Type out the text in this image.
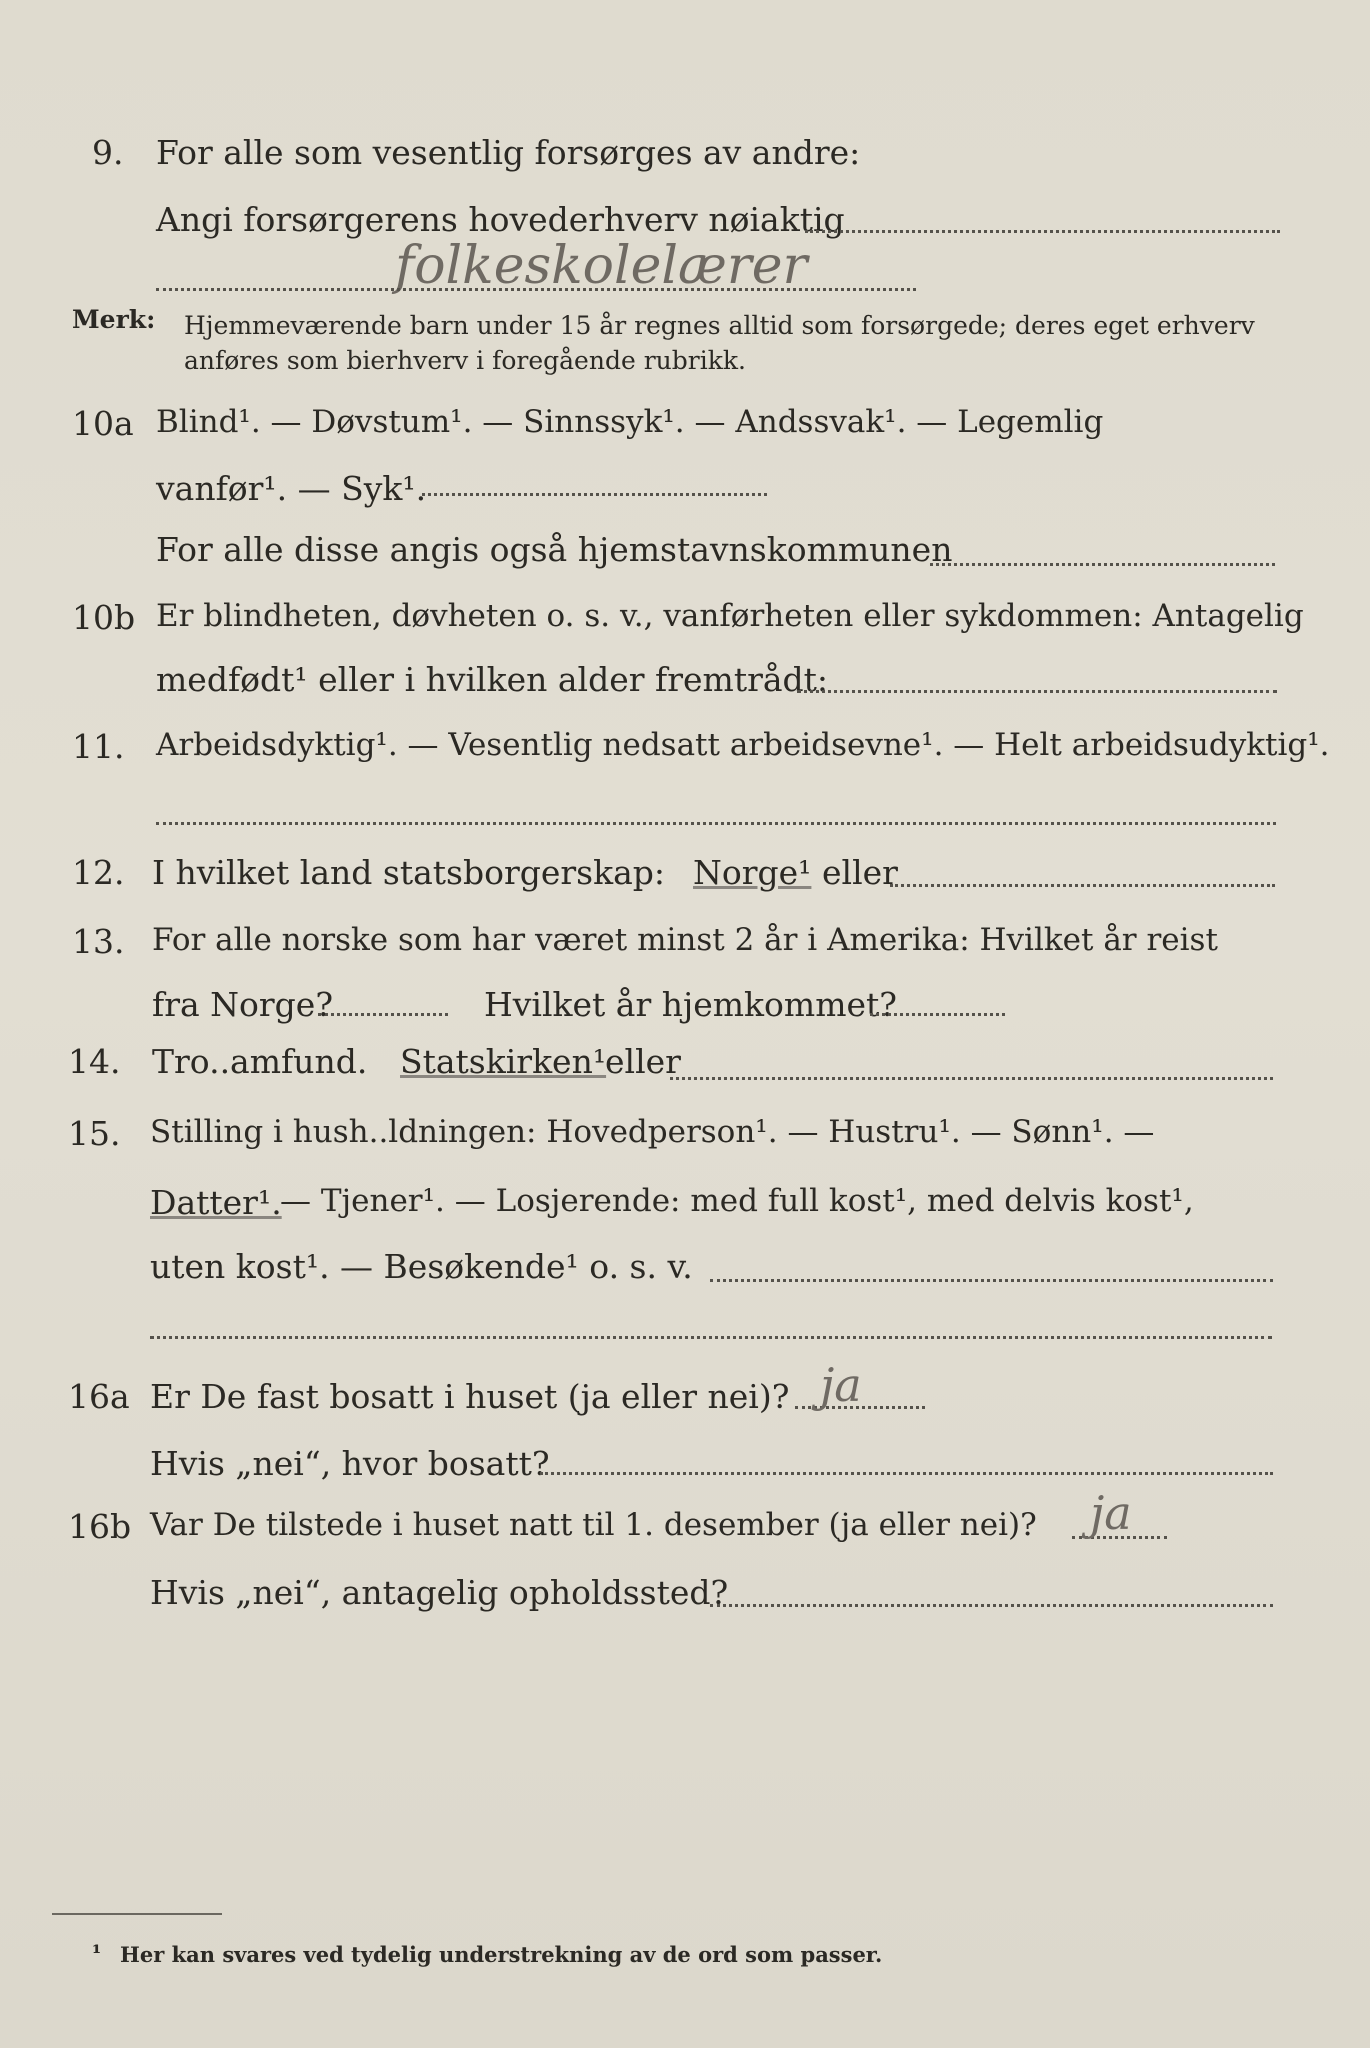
9. For alle som vesentlig forsørges av andre:
Angi forsørgerens hovederhverv nøiaktig
folkeskolelærer
Merk: Hjemmeværende barn under 15 år regnes alltid som forsørgede; deres eget erhverv
anføres som bierhverv i foregående rubrikk.
10a Blind¹. — Døvstum¹. — Sinnssyk¹. — Andssvak¹. — Legemlig
vanfør¹. — Syk¹.
For alle disse angis også hjemstavnskommunen
10b Er blindheten, døvheten o. s. v., vanførheten eller sykdommen: Antagelig
medfødt¹ eller i hvilken alder fremtrådt:
11. Arbeidsdyktig¹. — Vesentlig nedsatt arbeidsevne¹. — Helt arbeidsudyktig¹.
12. I hvilket land statsborgerskap: Norge¹ eller
13. For alle norske som har været minst 2 år i Amerika: Hvilket år reist
fra Norge?	Hvilket år hjemkommet?
14. Tro..amfund. Statskirken¹
eller
15. Stilling i hush..ldningen: Hovedperson¹. — Hustru¹. — Sønn¹. —
Datter¹.
— Tjener¹. — Losjerende: med full kost¹, med delvis kost¹,
uten kost¹. — Besøkende¹ o. s. v.
16a Er De fast bosatt i huset (ja eller nei)? ja
Hvis „nei“, hvor bosatt?
16b Var De tilstede i huset natt til 1. desember (ja eller nei)? ja
Hvis „nei“, antagelig opholdssted?
¹ Her kan svares ved tydelig understrekning av de ord som passer.
